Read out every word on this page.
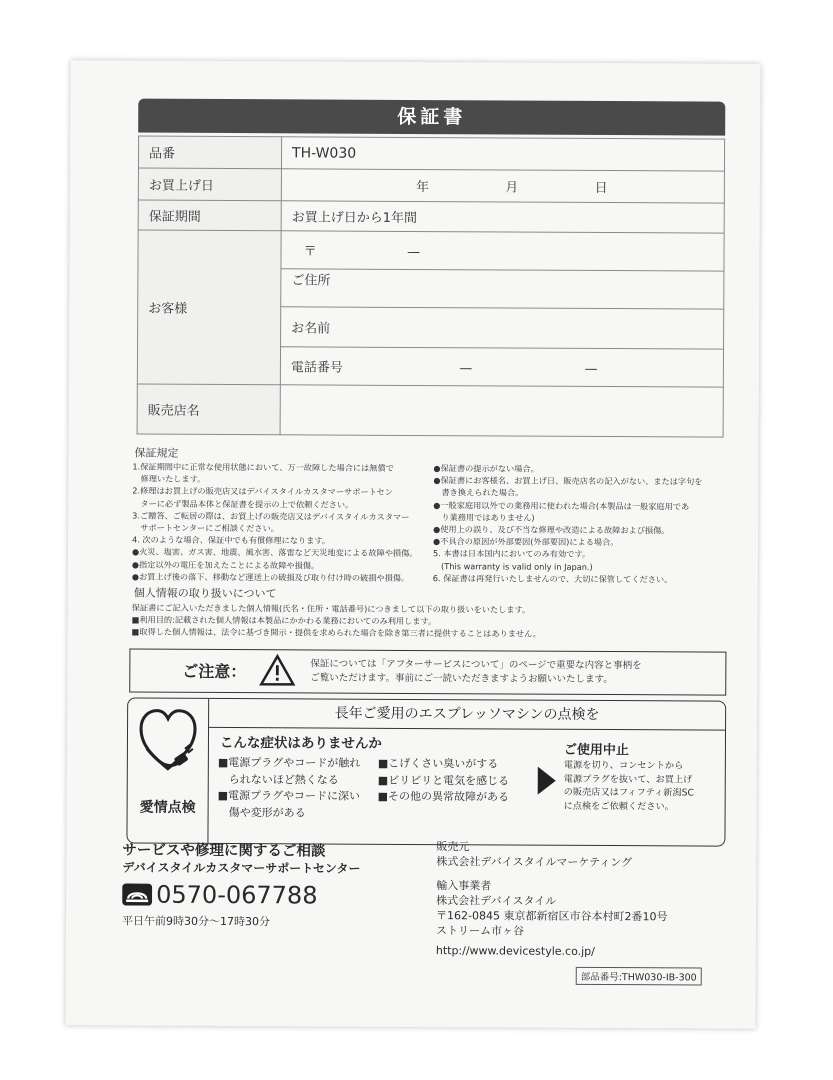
保証書
品番	TH-W030
お買上げ日	年 月 日
保証期間	お買上げ日から1年間
お客様	〒 —
	ご住所
	お名前
	電話番号 — —
販売店名	
保証規定
1.保証期間中に正常な使用状態において、万一故障した場合には無償で
　修理いたします。
2.修理はお買上げの販売店又はデバイスタイルカスタマーサポートセン
　ターに必ず製品本体と保証書を提示の上で依頼ください。
3.ご贈答、ご転居の際は、お買上げの販売店又はデバイスタイルカスタマー
　サポートセンターにご相談ください。
4. 次のような場合、保証中でも有償修理になります。
●火災、塩害、ガス害、地震、風水害、落雷など天災地変による故障や損傷。
●指定以外の電圧を加えたことによる故障や損傷。
●お買上げ後の落下、移動など運送上の破損及び取り付け時の破損や損傷。
●保証書の提示がない場合。
●保証書にお客様名、お買上げ日、販売店名の記入がない、または字句を
　書き換えられた場合。
●一般家庭用以外での業務用に使われた場合(本製品は一般家庭用であ
　り業務用ではありません)
●使用上の誤り、及び不当な修理や改造による故障および損傷。
●不具合の原因が外部要因(外部要因)による場合。
5. 本書は日本国内においてのみ有効です。
　(This warranty is valid only in Japan.)
6. 保証書は再発行いたしませんので、大切に保管してください。
個人情報の取り扱いについて
保証書にご記入いただきました個人情報(氏名・住所・電話番号)につきまして以下の取り扱いをいたします。
■利用目的:記載された個人情報は本製品にかかわる業務においてのみ利用します。
■取得した個人情報は、法令に基づき開示・提供を求められた場合を除き第三者に提供することはありません。
ご注意：	保証については「アフターサービスについて」のページで重要な内容と事柄を
ご覧いただけます。事前にご一読いただきますようお願いいたします。
愛情点検
長年ご愛用のエスプレッソマシンの点検を
こんな症状はありませんか
■電源プラグやコードが触れ
　られないほど熱くなる
■電源プラグやコードに深い
　傷や変形がある
■こげくさい臭いがする
■ビリビリと電気を感じる
■その他の異常故障がある
ご使用中止
電源を切り、コンセントから
電源プラグを抜いて、お買上げ
の販売店又はフィフティ新潟SC
に点検をご依頼ください。
サービスや修理に関するご相談
デバイスタイルカスタマーサポートセンター
0570-067788
平日午前9時30分〜17時30分
販売元
株式会社デバイスタイルマーケティング
輸入事業者
株式会社デバイスタイル
〒162-0845 東京都新宿区市谷本村町2番10号
ストリーム市ヶ谷
http://www.devicestyle.co.jp/
部品番号:THW030-IB-300
